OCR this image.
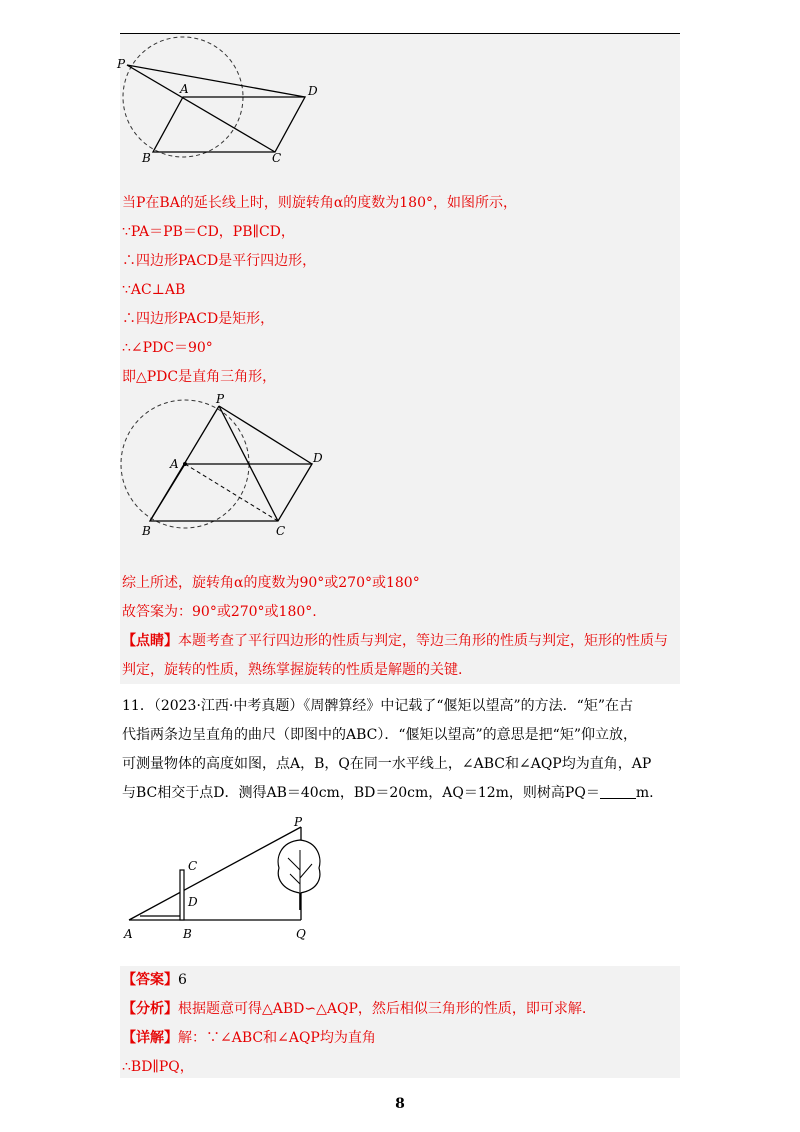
P
A	D
B	C
当P在BA的延长线上时，则旋转角α的度数为180°，如图所示，
∵PA＝PB＝CD，PB∥CD，
∴四边形PACD是平行四边形，
∵AC⊥AB
∴四边形PACD是矩形，
∴∠PDC＝90°
即△PDC是直角三角形，
P
A	D
B	C
综上所述，旋转角α的度数为90°或270°或180°
故答案为：90°或270°或180°.
【点睛】本题考查了平行四边形的性质与判定，等边三角形的性质与判定，矩形的性质与
判定，旋转的性质，熟练掌握旋转的性质是解题的关键.
11．（2023·江西·中考真题）《周髀算经》中记载了“偃矩以望高”的方法．“矩”在古
代指两条边呈直角的曲尺（即图中的ABC）．“偃矩以望高”的意思是把“矩”仰立放，
可测量物体的高度如图，点A，B，Q在同一水平线上，∠ABC和∠AQP均为直角，AP
与BC相交于点D．测得AB＝40cm，BD＝20cm，AQ＝12m，则树高PQ＝	m.
P
C
D
A	B	Q
【答案】6
【分析】根据题意可得△ABD∽△AQP，然后相似三角形的性质，即可求解.
【详解】解：∵∠ABC和∠AQP均为直角
∴BD∥PQ，
8
